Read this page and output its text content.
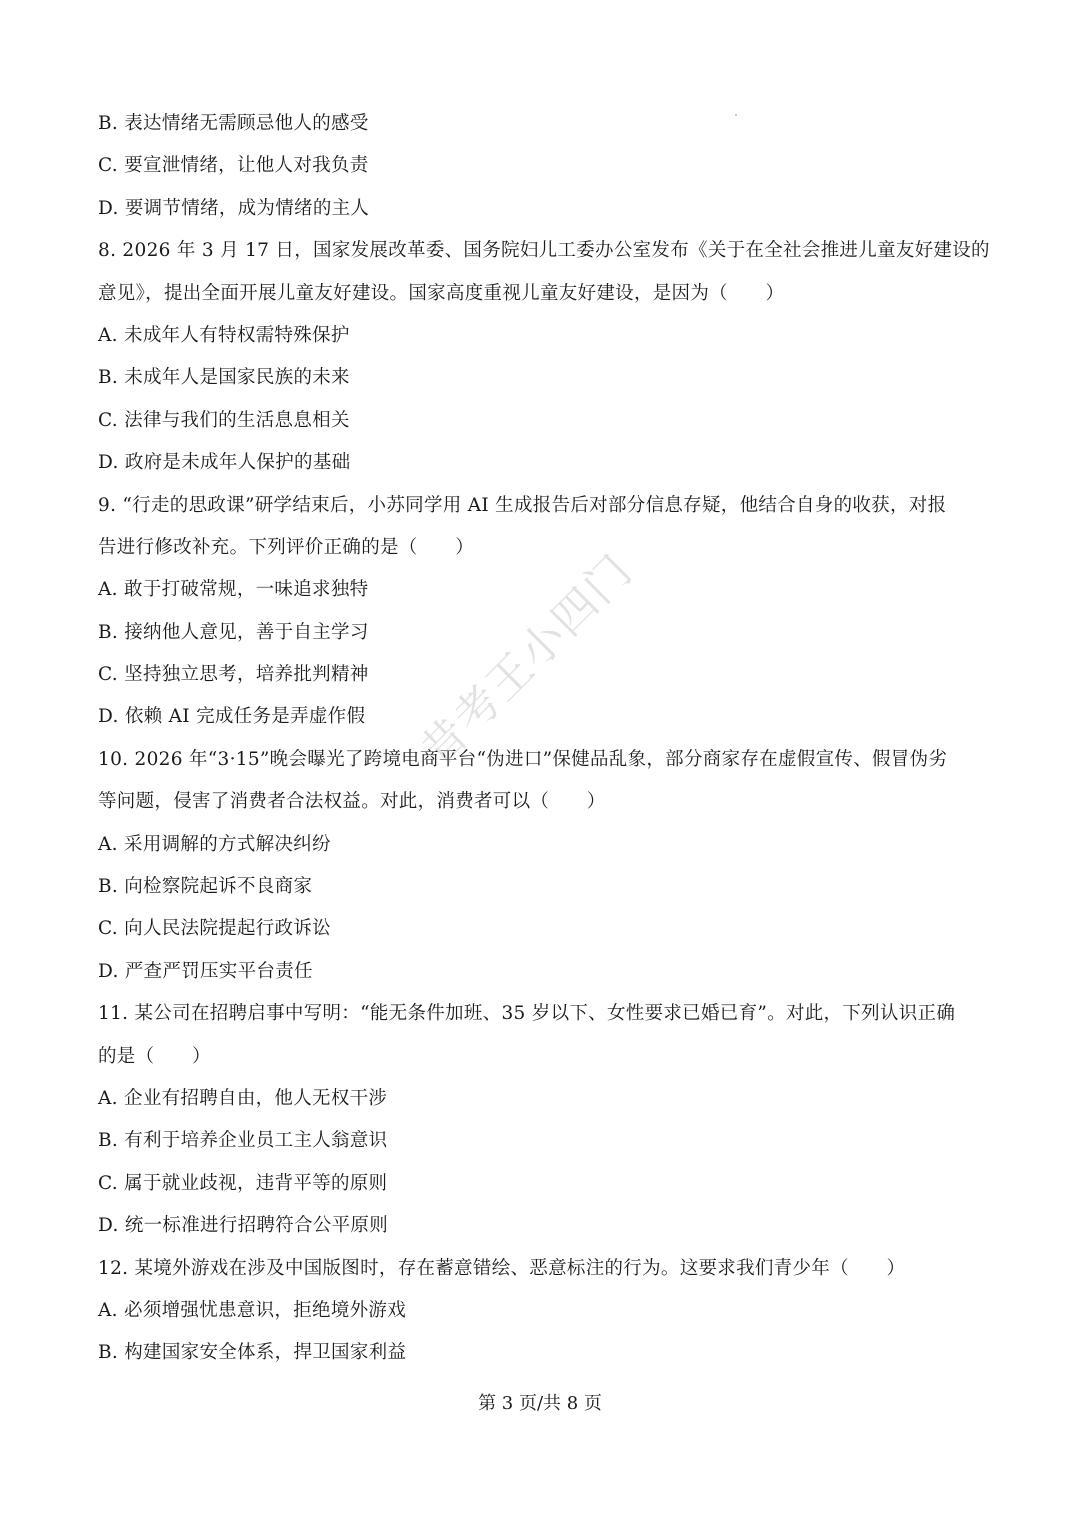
B. 表达情绪无需顾忌他人的感受
C. 要宣泄情绪，让他人对我负责
D. 要调节情绪，成为情绪的主人
8. 2026 年 3 月 17 日，国家发展改革委、国务院妇儿工委办公室发布《关于在全社会推进儿童友好建设的
意见》，提出全面开展儿童友好建设。国家高度重视儿童友好建设，是因为（　　）
A. 未成年人有特权需特殊保护
B. 未成年人是国家民族的未来
C. 法律与我们的生活息息相关
D. 政府是未成年人保护的基础
9. “行走的思政课”研学结束后，小苏同学用 AI 生成报告后对部分信息存疑，他结合自身的收获，对报
告进行修改补充。下列评价正确的是（　　）
A. 敢于打破常规，一味追求独特
B. 接纳他人意见，善于自主学习
C. 坚持独立思考，培养批判精神
D. 依赖 AI 完成任务是弄虚作假
10. 2026 年“3·15”晚会曝光了跨境电商平台“伪进口”保健品乱象，部分商家存在虚假宣传、假冒伪劣
等问题，侵害了消费者合法权益。对此，消费者可以（　　）
A. 采用调解的方式解决纠纷
B. 向检察院起诉不良商家
C. 向人民法院提起行政诉讼
D. 严查严罚压实平台责任
11. 某公司在招聘启事中写明：“能无条件加班、35 岁以下、女性要求已婚已育”。对此，下列认识正确
的是（　　）
A. 企业有招聘自由，他人无权干涉
B. 有利于培养企业员工主人翁意识
C. 属于就业歧视，违背平等的原则
D. 统一标准进行招聘符合公平原则
12. 某境外游戏在涉及中国版图时，存在蓄意错绘、恶意标注的行为。这要求我们青少年（　　）
A. 必须增强忧患意识，拒绝境外游戏
B. 构建国家安全体系，捍卫国家利益
昔考王小四门
第 3 页/共 8 页
